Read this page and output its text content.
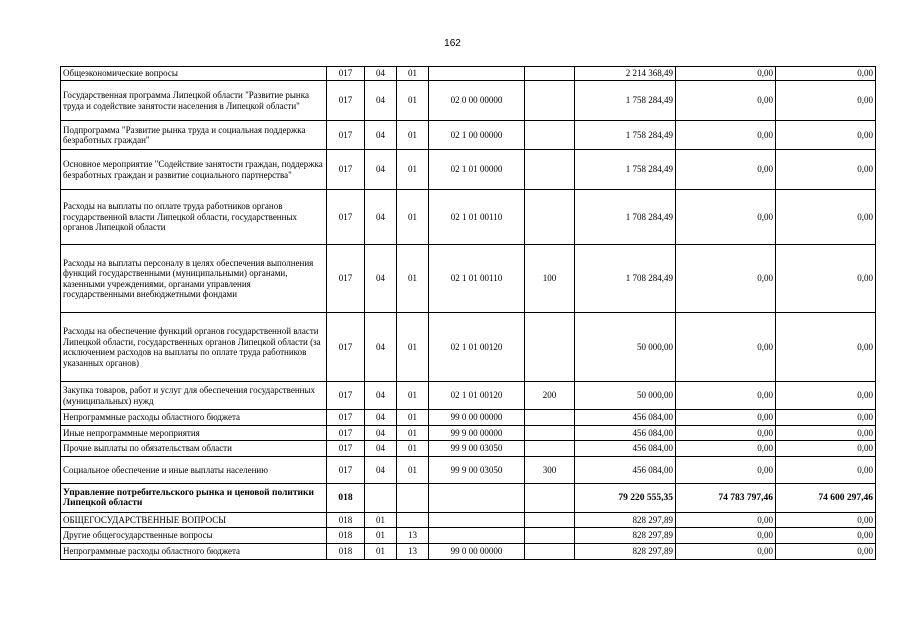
162
Общеэкономические вопросы	017	04	01			2 214 368,49	0,00	0,00
Государственная программа Липецкой области "Развитие рынка труда и содействие занятости населения в Липецкой области"	017	04	01	02 0 00 00000		1 758 284,49	0,00	0,00
Подпрограмма "Развитие рынка труда и социальная поддержка безработных граждан"	017	04	01	02 1 00 00000		1 758 284,49	0,00	0,00
Основное мероприятие "Содействие занятости граждан, поддержка безработных граждан и развитие социального партнерства"	017	04	01	02 1 01 00000		1 758 284,49	0,00	0,00
Расходы на выплаты по оплате труда работников органов государственной власти Липецкой области, государственных органов Липецкой области	017	04	01	02 1 01 00110		1 708 284,49	0,00	0,00
Расходы на выплаты персоналу в целях обеспечения выполнения функций государственными (муниципальными) органами, казенными учреждениями, органами управления государственными внебюджетными фондами	017	04	01	02 1 01 00110	100	1 708 284,49	0,00	0,00
Расходы на обеспечение функций органов государственной власти Липецкой области, государственных органов Липецкой области (за исключением расходов на выплаты по оплате труда работников указанных органов)	017	04	01	02 1 01 00120		50 000,00	0,00	0,00
Закупка товаров, работ и услуг для обеспечения государственных (муниципальных) нужд	017	04	01	02 1 01 00120	200	50 000,00	0,00	0,00
Непрограммные расходы областного бюджета	017	04	01	99 0 00 00000		456 084,00	0,00	0,00
Иные непрограммные мероприятия	017	04	01	99 9 00 00000		456 084,00	0,00	0,00
Прочие выплаты по обязательствам области	017	04	01	99 9 00 03050		456 084,00	0,00	0,00
Социальное обеспечение и иные выплаты населению	017	04	01	99 9 00 03050	300	456 084,00	0,00	0,00
Управление потребительского рынка и ценовой политики Липецкой области	018					79 220 555,35	74 783 797,46	74 600 297,46
ОБЩЕГОСУДАРСТВЕННЫЕ ВОПРОСЫ	018	01				828 297,89	0,00	0,00
Другие общегосударственные вопросы	018	01	13			828 297,89	0,00	0,00
Непрограммные расходы областного бюджета	018	01	13	99 0 00 00000		828 297,89	0,00	0,00
